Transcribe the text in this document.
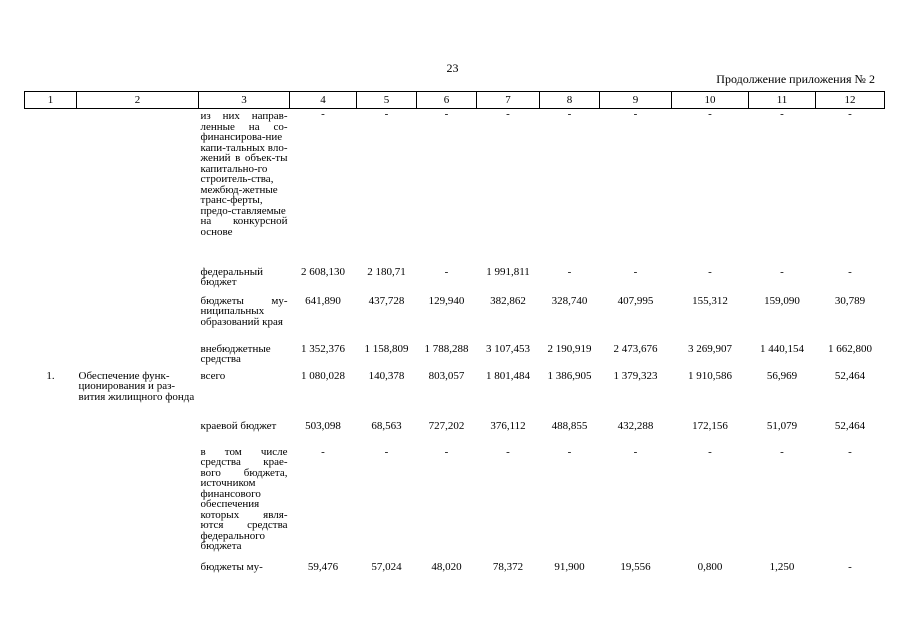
23
Продолжение приложения № 2
1	2	3	4	5	6	7	8	9	10	11	12
		из них направ-ленные на со-финансирова-ние капи-тальных вло-жений в объек-ты капитально-го строитель-ства, межбюд-жетные транс-ферты, предо-ставляемые на конкурсной основе	-	-	-	-	-	-	-	-	-
		федеральный бюджет	2 608,130	2 180,71	-	1 991,811	-	-	-	-	-
		бюджеты му-ниципальных образований края	641,890	437,728	129,940	382,862	328,740	407,995	155,312	159,090	30,789
		внебюджетные средства	1 352,376	1 158,809	1 788,288	3 107,453	2 190,919	2 473,676	3 269,907	1 440,154	1 662,800
1.	Обеспечение функ-ционирования и раз-вития жилищного фонда	всего	1 080,028	140,378	803,057	1 801,484	1 386,905	1 379,323	1 910,586	56,969	52,464
		краевой бюджет	503,098	68,563	727,202	376,112	488,855	432,288	172,156	51,079	52,464
		в том числе средства крае-вого бюджета, источником финансового обеспечения которых явля-ются средства федерального бюджета	-	-	-	-	-	-	-	-	-
		бюджеты му-	59,476	57,024	48,020	78,372	91,900	19,556	0,800	1,250	-
